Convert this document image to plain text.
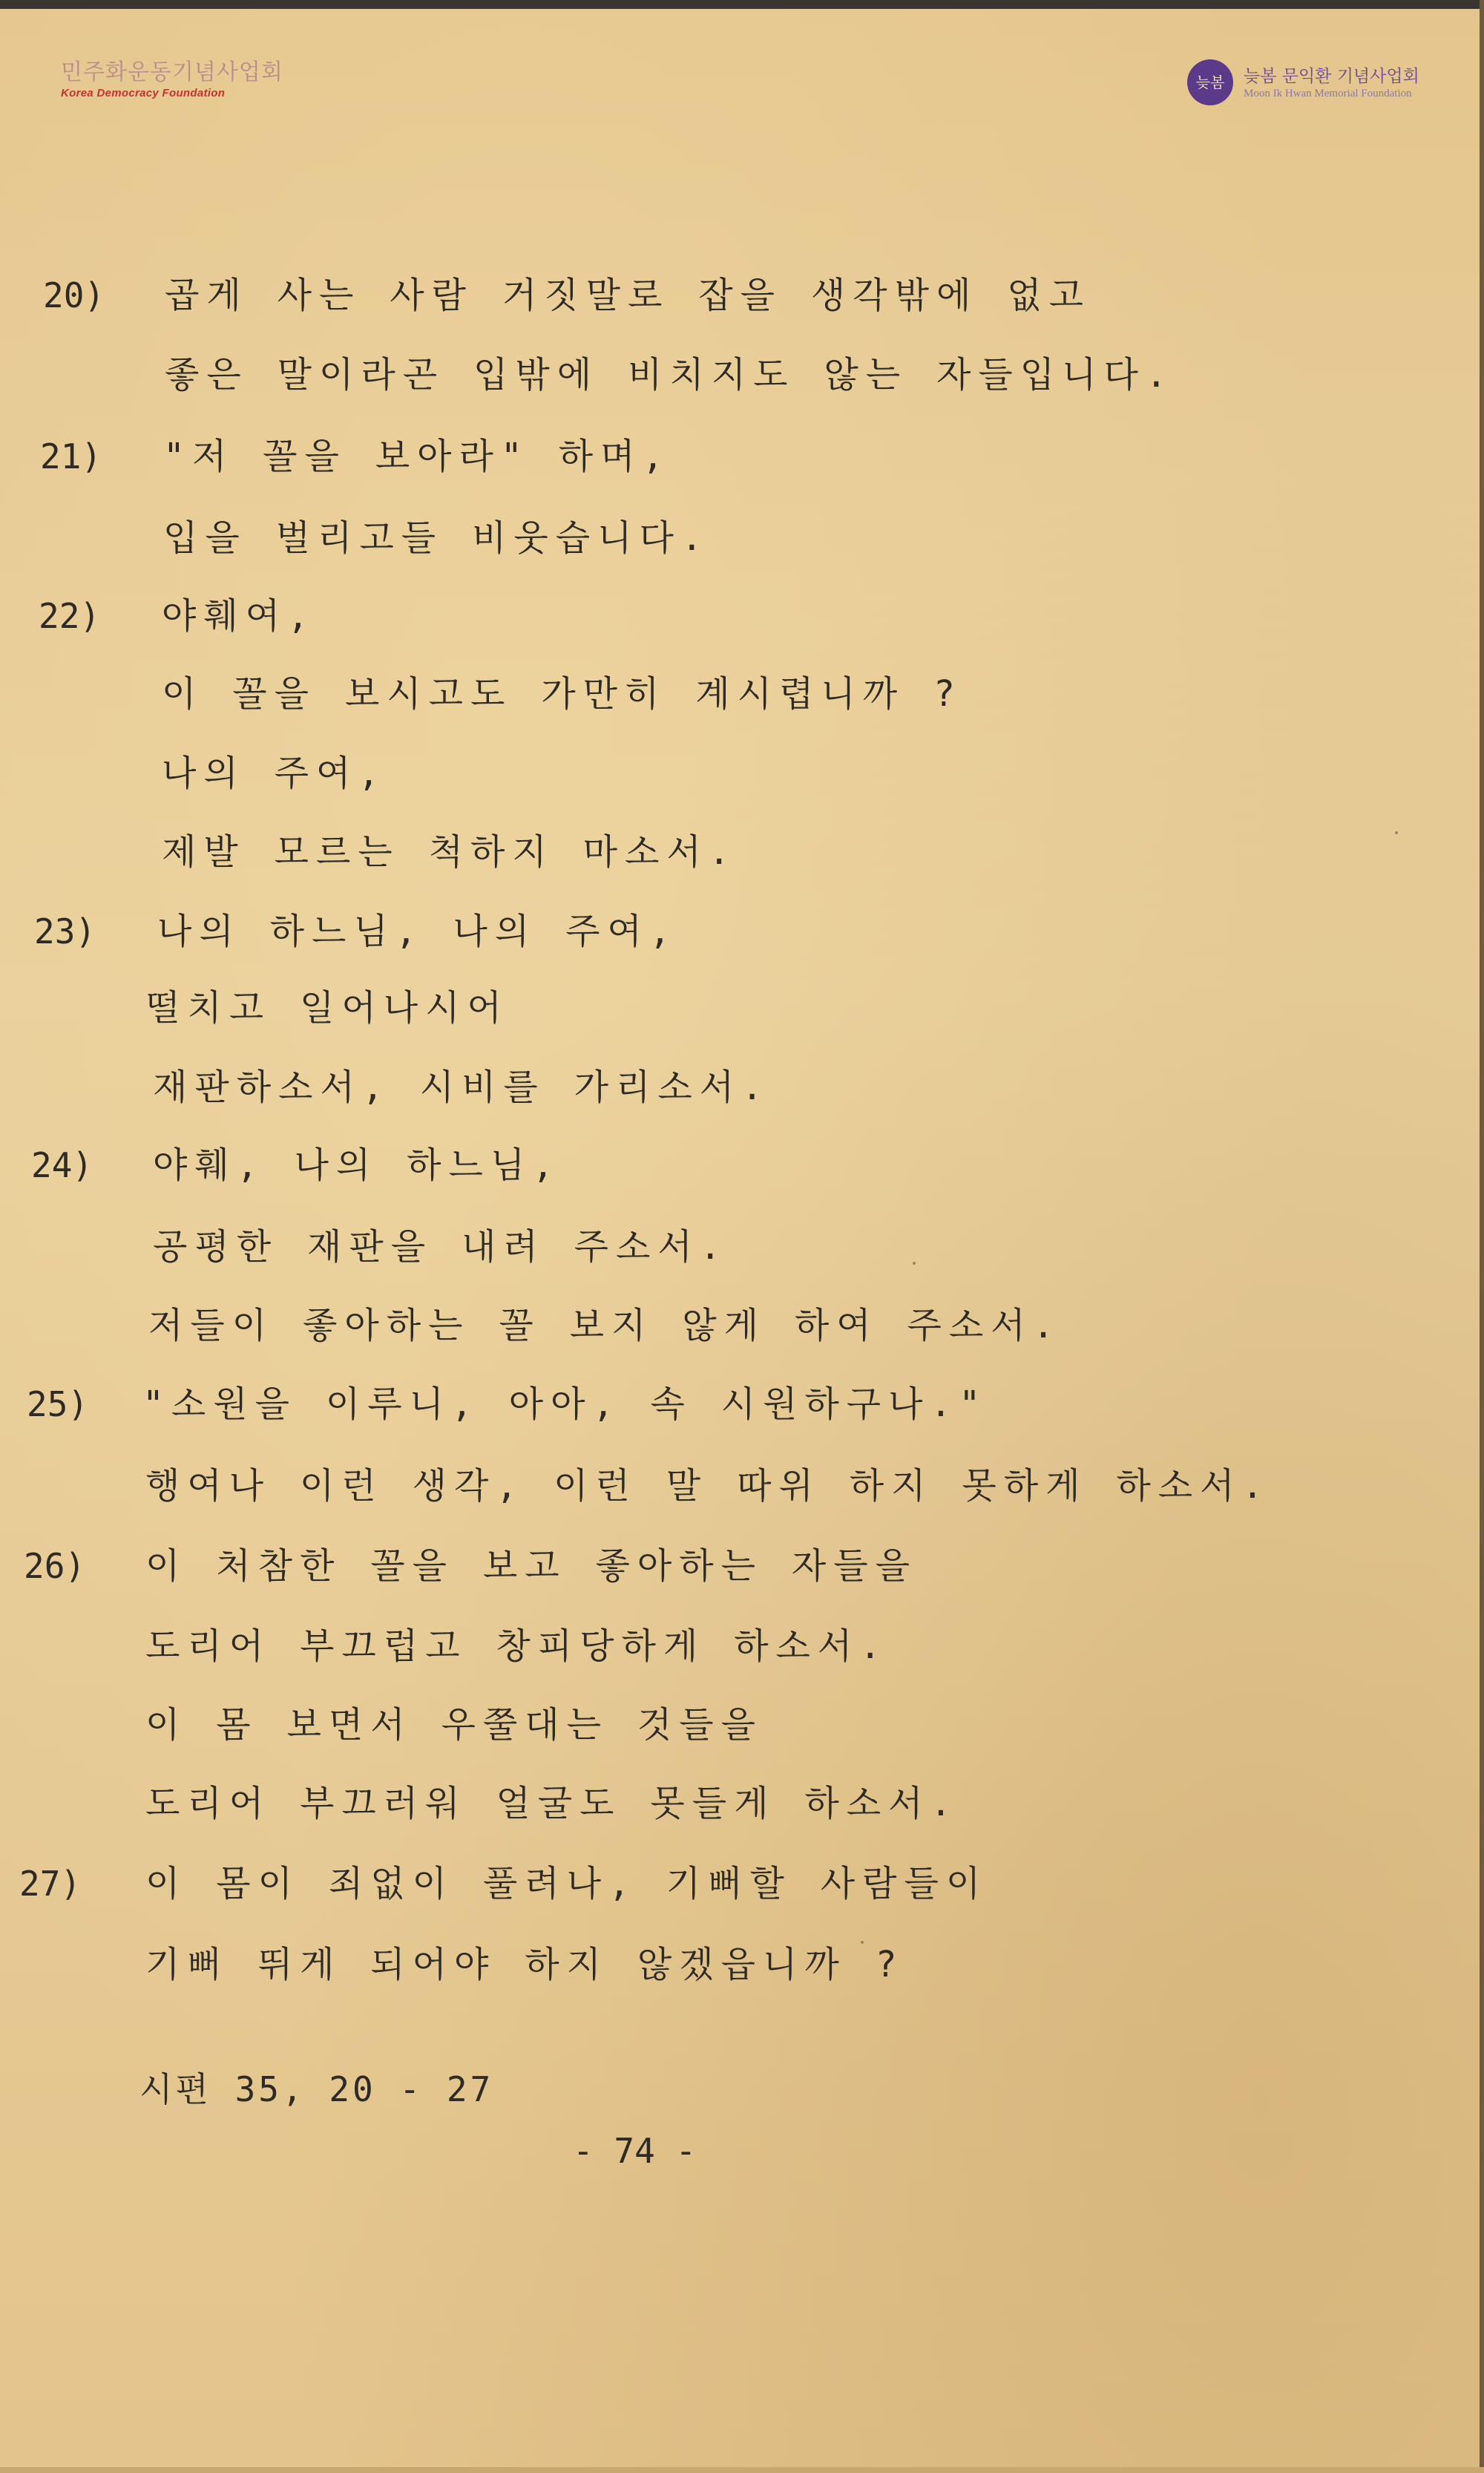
민주화운동기념사업회
Korea Democracy Foundation
늦봄	늦봄 문익환 기념사업회
Moon Ik Hwan Memorial Foundation
20) 곱게 사는 사람 거짓말로 잡을 생각밖에 없고
좋은 말이라곤 입밖에 비치지도 않는 자들입니다.
21) "저 꼴을 보아라" 하며,
입을 벌리고들 비웃습니다.
22) 야훼여,
이 꼴을 보시고도 가만히 계시렵니까 ?
나의 주여,
제발 모르는 척하지 마소서.
23) 나의 하느님, 나의 주여,
떨치고 일어나시어
재판하소서, 시비를 가리소서.
24) 야훼, 나의 하느님,
공평한 재판을 내려 주소서.
저들이 좋아하는 꼴 보지 않게 하여 주소서.
25) "소원을 이루니, 아아, 속 시원하구나."
행여나 이런 생각, 이런 말 따위 하지 못하게 하소서.
26) 이 처참한 꼴을 보고 좋아하는 자들을
도리어 부끄럽고 창피당하게 하소서.
이 몸 보면서 우쭐대는 것들을
도리어 부끄러워 얼굴도 못들게 하소서.
27) 이 몸이 죄없이 풀려나, 기뻐할 사람들이
기뻐 뛰게 되어야 하지 않겠읍니까 ?
시편 35, 20 - 27
- 74 -
